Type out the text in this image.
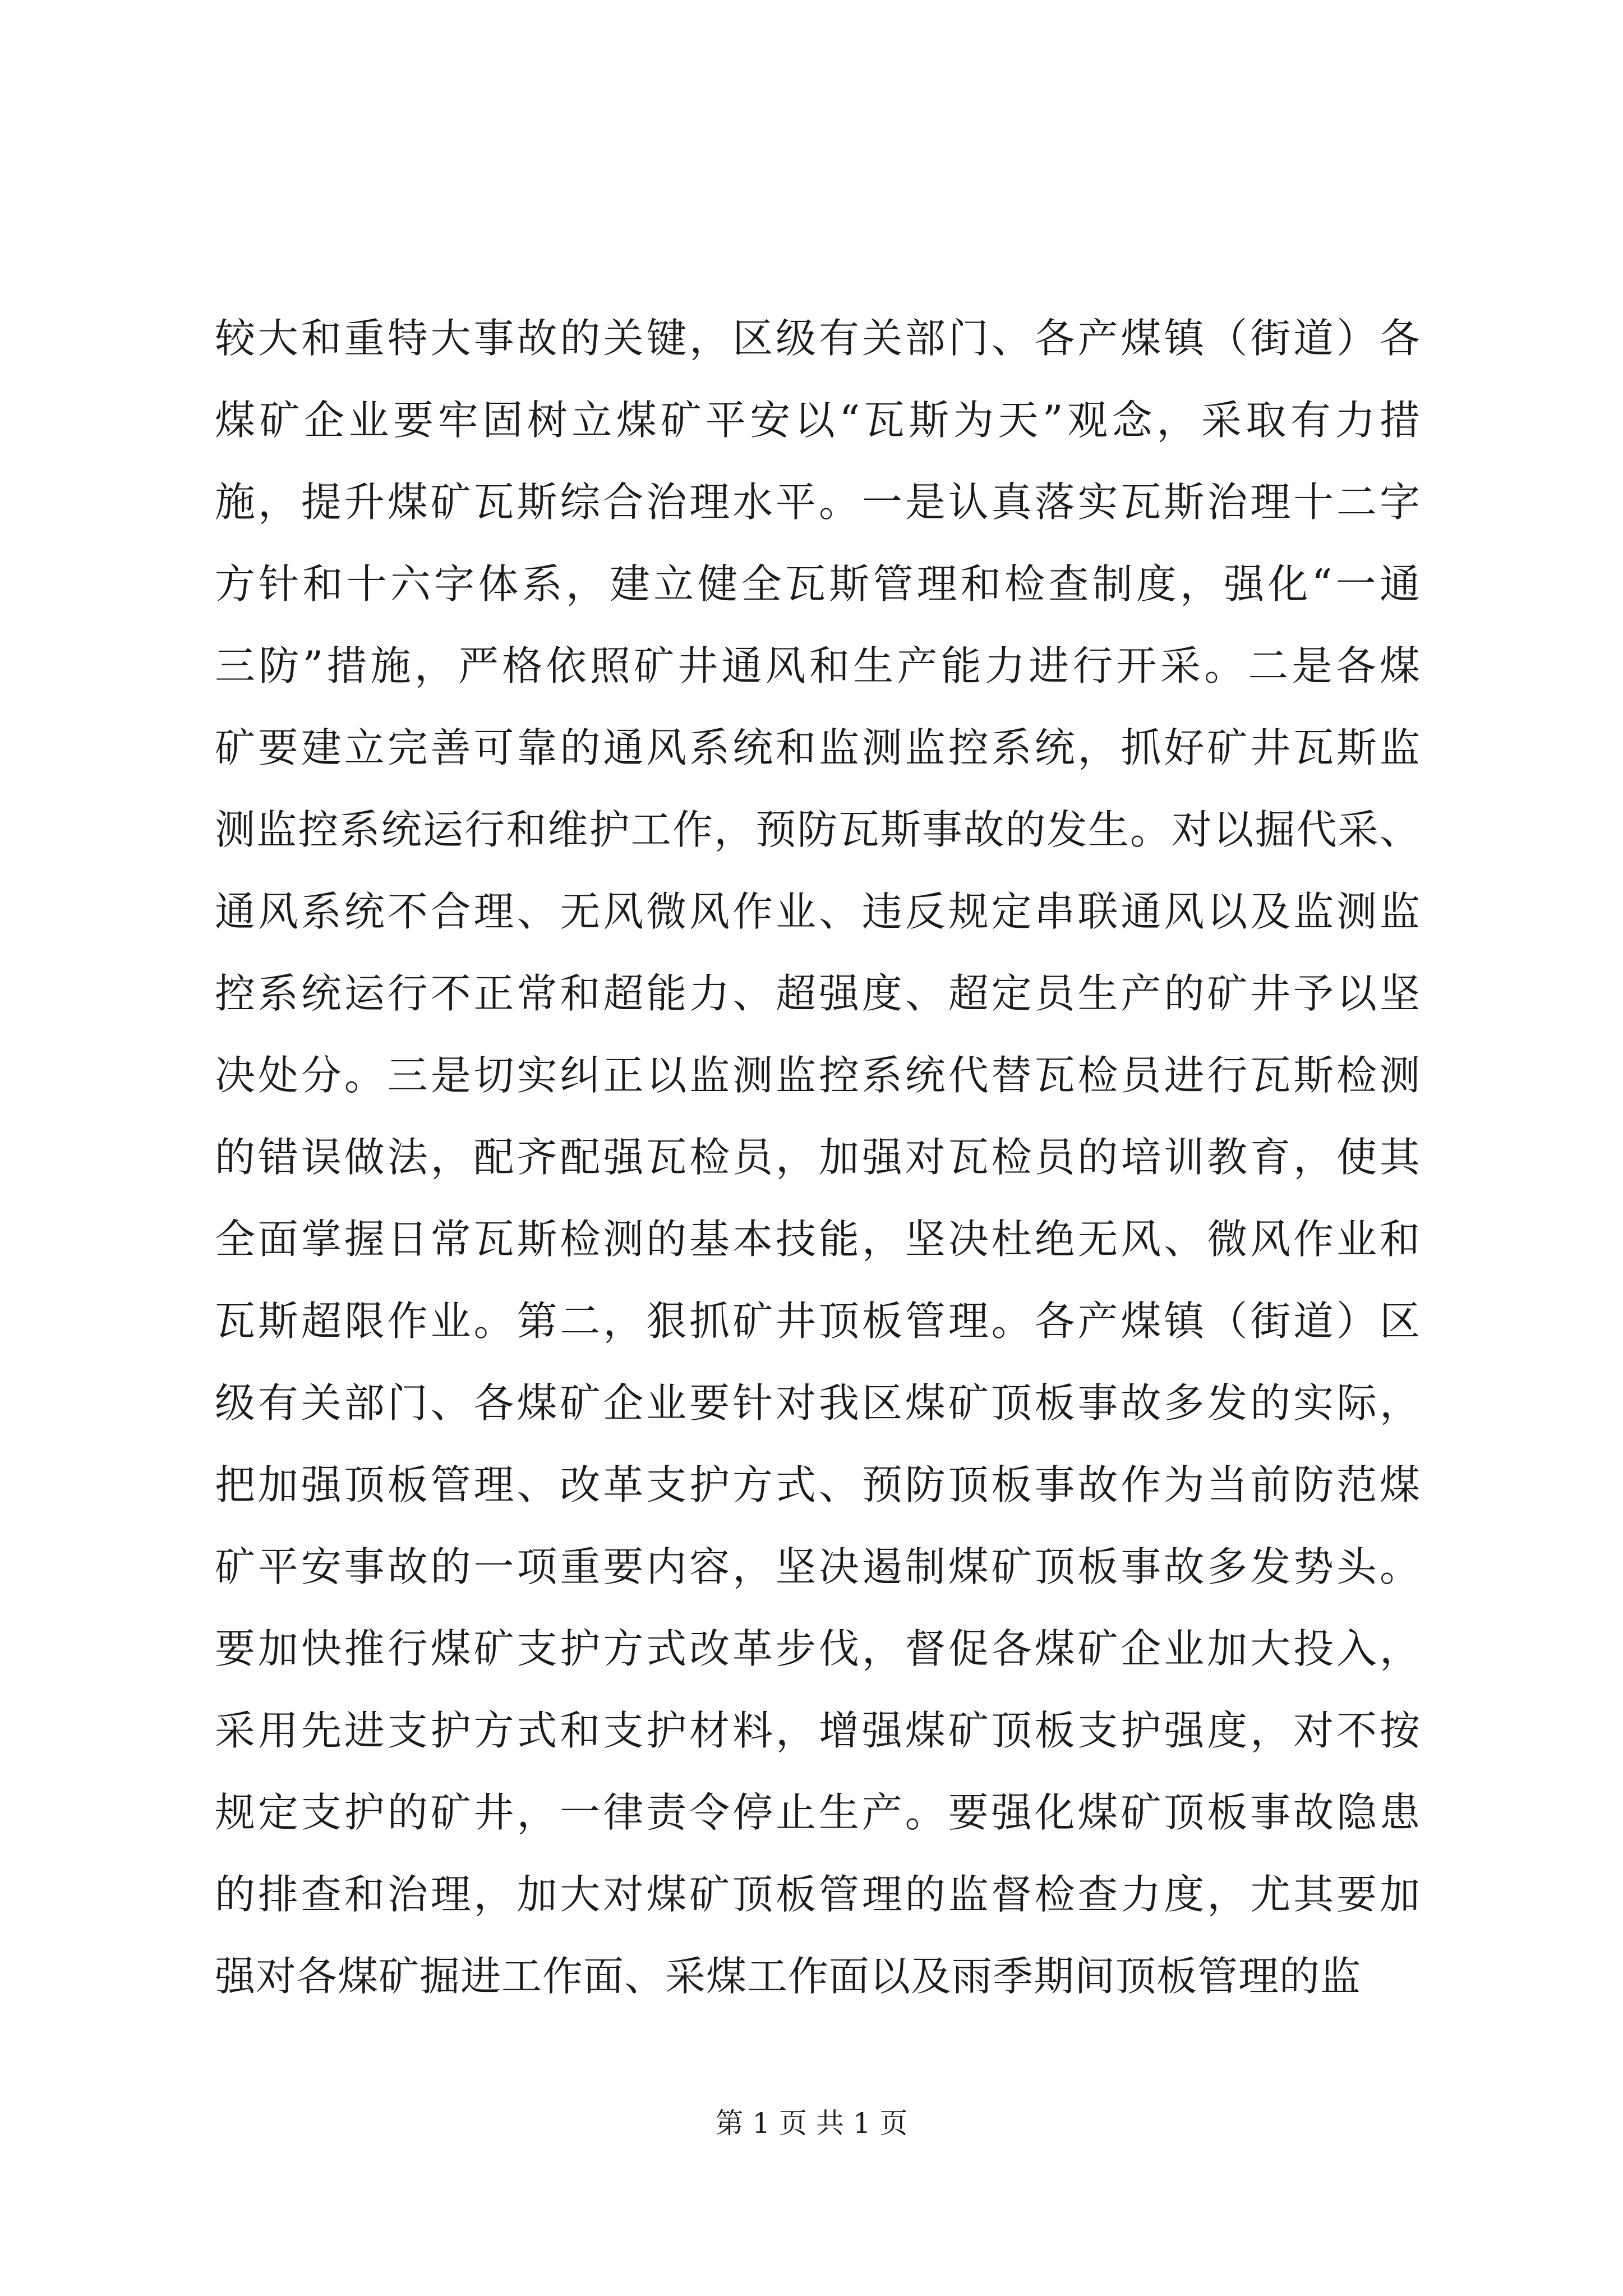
较大和重特大事故的关键，区级有关部门、各产煤镇（街道）各
煤矿企业要牢固树立煤矿平安以“瓦斯为天”观念，采取有力措
施，提升煤矿瓦斯综合治理水平。一是认真落实瓦斯治理十二字
方针和十六字体系，建立健全瓦斯管理和检查制度，强化“一通
三防”措施，严格依照矿井通风和生产能力进行开采。二是各煤
矿要建立完善可靠的通风系统和监测监控系统，抓好矿井瓦斯监
测监控系统运行和维护工作，预防瓦斯事故的发生。对以掘代采、
通风系统不合理、无风微风作业、违反规定串联通风以及监测监
控系统运行不正常和超能力、超强度、超定员生产的矿井予以坚
决处分。三是切实纠正以监测监控系统代替瓦检员进行瓦斯检测
的错误做法，配齐配强瓦检员，加强对瓦检员的培训教育，使其
全面掌握日常瓦斯检测的基本技能，坚决杜绝无风、微风作业和
瓦斯超限作业。第二，狠抓矿井顶板管理。各产煤镇（街道）区
级有关部门、各煤矿企业要针对我区煤矿顶板事故多发的实际，
把加强顶板管理、改革支护方式、预防顶板事故作为当前防范煤
矿平安事故的一项重要内容，坚决遏制煤矿顶板事故多发势头。
要加快推行煤矿支护方式改革步伐，督促各煤矿企业加大投入，
采用先进支护方式和支护材料，增强煤矿顶板支护强度，对不按
规定支护的矿井，一律责令停止生产。要强化煤矿顶板事故隐患
的排查和治理，加大对煤矿顶板管理的监督检查力度，尤其要加
强对各煤矿掘进工作面、采煤工作面以及雨季期间顶板管理的监
第 1 页 共 1 页
